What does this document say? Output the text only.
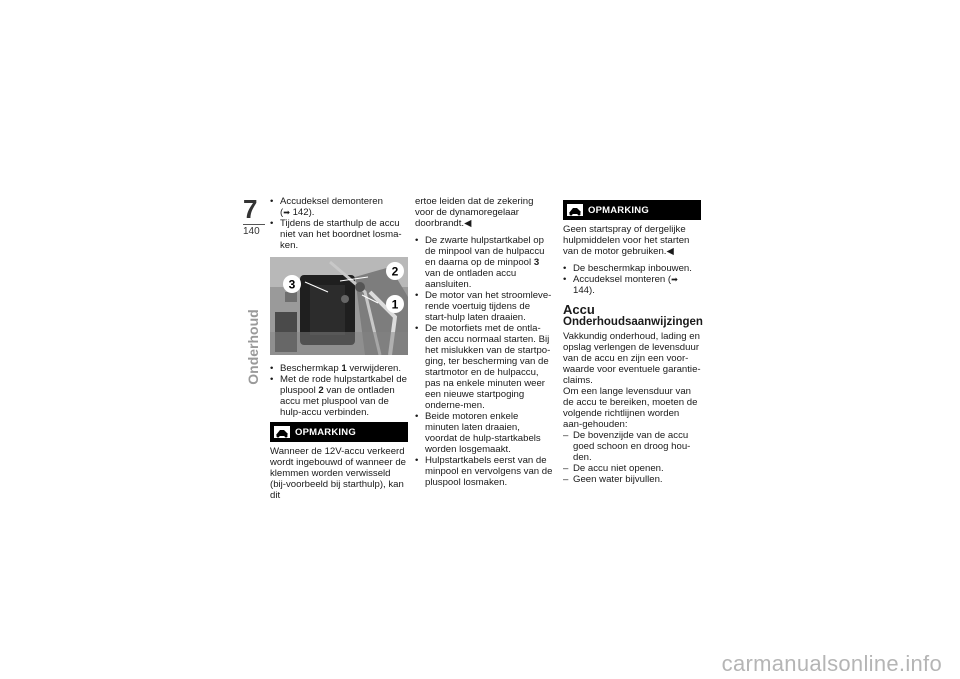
7
140
Onderhoud
• Accudeksel demonteren
(➡ 142).
• Tijdens de starthulp de accu niet van het boordnet losma-ken.
2
1
3
• Beschermkap 1 verwijderen.
• Met de rode hulpstartkabel de pluspool 2 van de ontladen accu met pluspool van de hulp-accu verbinden.
OPMARKING

Wanneer de 12V-accu verkeerd wordt ingebouwd of wanneer de klemmen worden verwisseld (bij-voorbeeld bij starthulp), kan dit

ertoe leiden dat de zekering voor de dynamoregelaar doorbrandt.◀

• De zwarte hulpstartkabel op de minpool van de hulpaccu en daarna op de minpool 3 van de ontladen accu aansluiten.
• De motor van het stroomleve-rende voertuig tijdens de start-hulp laten draaien.
• De motorfiets met de ontla-den accu normaal starten. Bij het mislukken van de startpo-ging, ter bescherming van de startmotor en de hulpaccu, pas na enkele minuten weer een nieuwe startpoging onderne-men.
• Beide motoren enkele minuten laten draaien, voordat de hulp-startkabels worden losgemaakt.
• Hulpstartkabels eerst van de minpool en vervolgens van de pluspool losmaken.
OPMARKING

Geen startspray of dergelijke hulpmiddelen voor het starten van de motor gebruiken.◀

• De beschermkap inbouwen.
• Accudeksel monteren (➡ 144).
Accu
Onderhoudsaanwijzingen

Vakkundig onderhoud, lading en opslag verlengen de levensduur van de accu en zijn een voor-waarde voor eventuele garantie-claims.

Om een lange levensduur van de accu te bereiken, moeten de volgende richtlijnen worden aan-gehouden:

– De bovenzijde van de accu goed schoon en droog hou-den.
– De accu niet openen.
– Geen water bijvullen.
carmanualsonline.info
